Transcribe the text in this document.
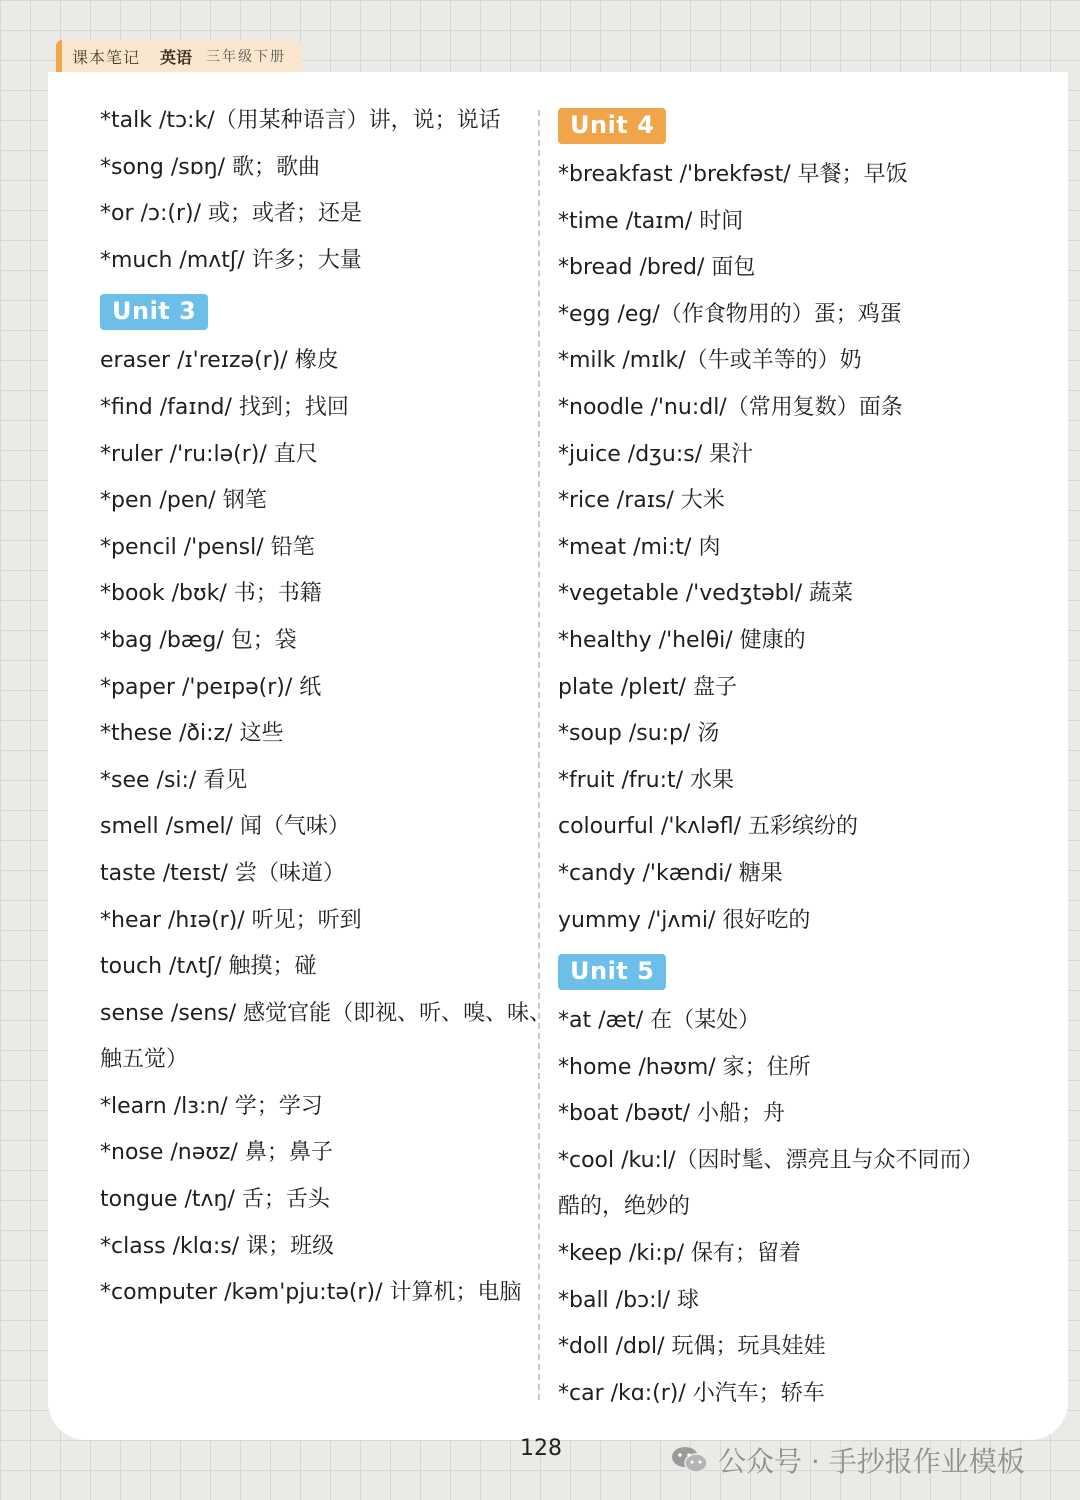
课本笔记 英语 三年级下册
*talk /tɔ:k/（用某种语言）讲，说；说话
*song /sɒŋ/ 歌；歌曲
*or /ɔ:(r)/ 或；或者；还是
*much /mʌtʃ/ 许多；大量
Unit 3
eraser /ɪ'reɪzə(r)/ 橡皮
*find /faɪnd/ 找到；找回
*ruler /'ru:lə(r)/ 直尺
*pen /pen/ 钢笔
*pencil /'pensl/ 铅笔
*book /bʊk/ 书；书籍
*bag /bæg/ 包；袋
*paper /'peɪpə(r)/ 纸
*these /ði:z/ 这些
*see /si:/ 看见
smell /smel/ 闻（气味）
taste /teɪst/ 尝（味道）
*hear /hɪə(r)/ 听见；听到
touch /tʌtʃ/ 触摸；碰
sense /sens/ 感觉官能（即视、听、嗅、味、
触五觉）
*learn /lɜ:n/ 学；学习
*nose /nəʊz/ 鼻；鼻子
tongue /tʌŋ/ 舌；舌头
*class /klɑ:s/ 课；班级
*computer /kəm'pju:tə(r)/ 计算机；电脑
Unit 4
*breakfast /'brekfəst/ 早餐；早饭
*time /taɪm/ 时间
*bread /bred/ 面包
*egg /eg/（作食物用的）蛋；鸡蛋
*milk /mɪlk/（牛或羊等的）奶
*noodle /'nu:dl/（常用复数）面条
*juice /dʒu:s/ 果汁
*rice /raɪs/ 大米
*meat /mi:t/ 肉
*vegetable /'vedʒtəbl/ 蔬菜
*healthy /'helθi/ 健康的
plate /pleɪt/ 盘子
*soup /su:p/ 汤
*fruit /fru:t/ 水果
colourful /'kʌləfl/ 五彩缤纷的
*candy /'kændi/ 糖果
yummy /'jʌmi/ 很好吃的
Unit 5
*at /æt/ 在（某处）
*home /həʊm/ 家；住所
*boat /bəʊt/ 小船；舟
*cool /ku:l/（因时髦、漂亮且与众不同而）
酷的，绝妙的
*keep /ki:p/ 保有；留着
*ball /bɔ:l/ 球
*doll /dɒl/ 玩偶；玩具娃娃
*car /kɑ:(r)/ 小汽车；轿车
128	公众号 · 手抄报作业模板
